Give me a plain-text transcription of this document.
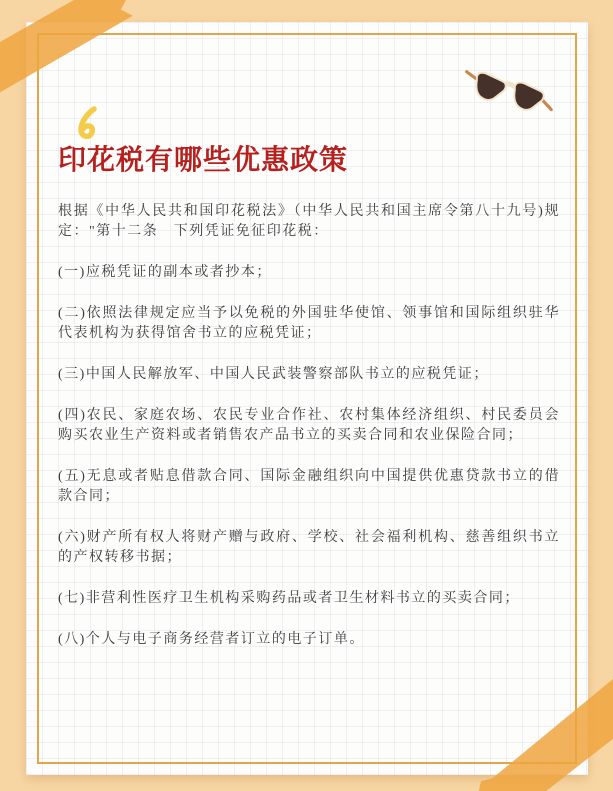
印花税有哪些优惠政策

根据《中华人民共和国印花税法》（中华人民共和国主席令第八十九号)规定："第十二条　下列凭证免征印花税：

(一)应税凭证的副本或者抄本；

(二)依照法律规定应当予以免税的外国驻华使馆、领事馆和国际组织驻华代表机构为获得馆舍书立的应税凭证；

(三)中国人民解放军、中国人民武装警察部队书立的应税凭证；

(四)农民、家庭农场、农民专业合作社、农村集体经济组织、村民委员会购买农业生产资料或者销售农产品书立的买卖合同和农业保险合同；

(五)无息或者贴息借款合同、国际金融组织向中国提供优惠贷款书立的借款合同；

(六)财产所有权人将财产赠与政府、学校、社会福利机构、慈善组织书立的产权转移书据；

(七)非营利性医疗卫生机构采购药品或者卫生材料书立的买卖合同；

(八)个人与电子商务经营者订立的电子订单。
